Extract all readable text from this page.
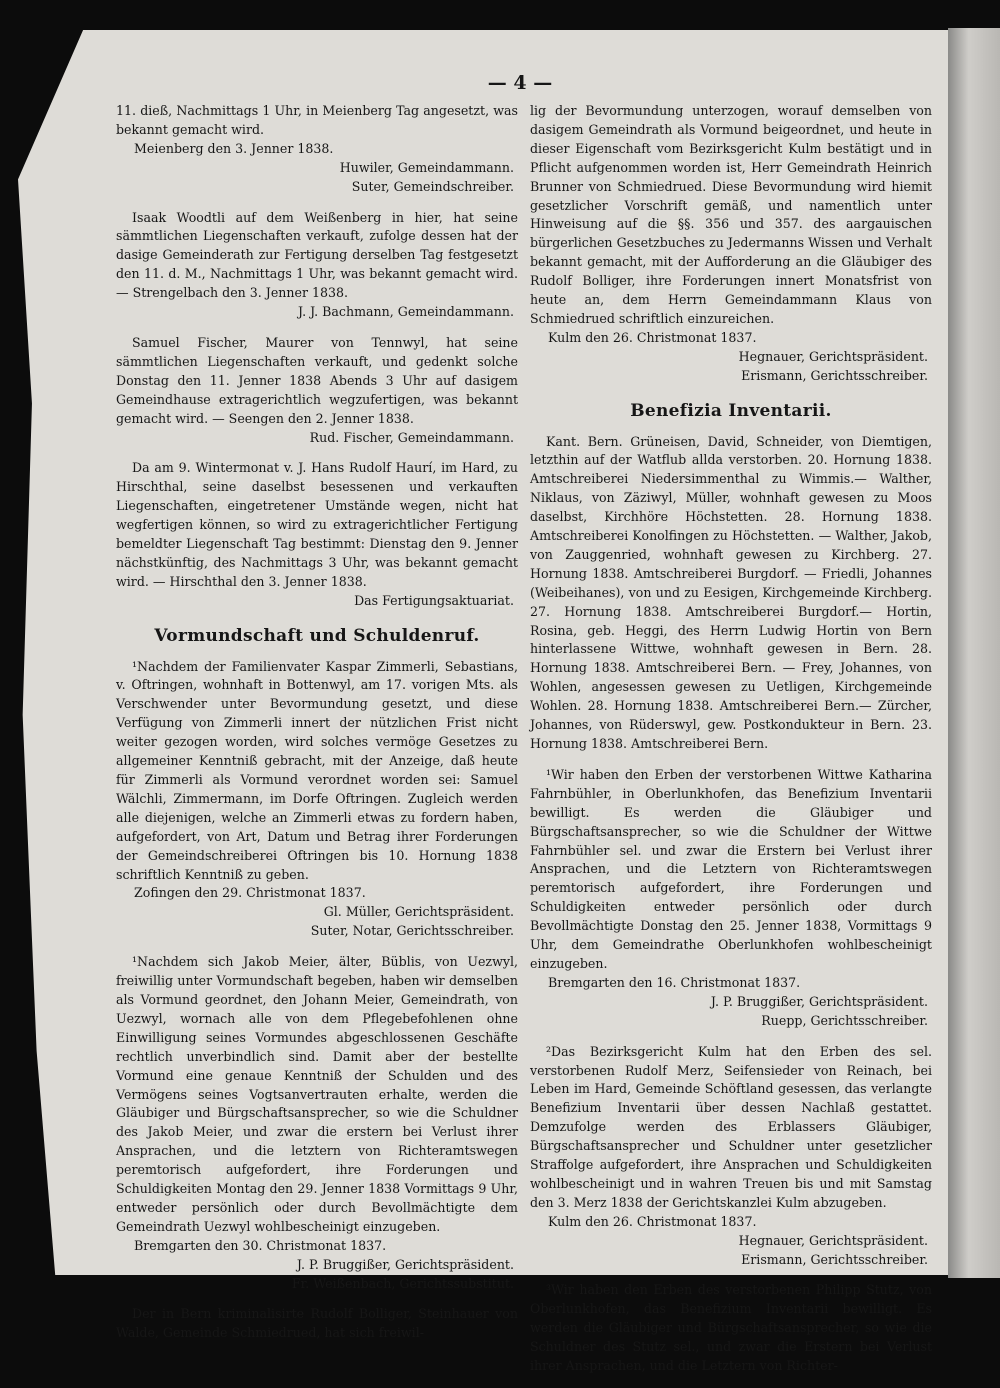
— 4 —
11. dieß, Nachmittags 1 Uhr, in Meienberg Tag angesetzt, was bekannt gemacht wird.
Meienberg den 3. Jenner 1838.
Huwiler, Gemeindammann.
Suter, Gemeindschreiber.
Isaak Woodtli auf dem Weißenberg in hier, hat seine sämmtlichen Liegenschaften verkauft, zufolge dessen hat der dasige Gemeinderath zur Fertigung derselben Tag festgesetzt den 11. d. M., Nachmittags 1 Uhr, was bekannt gemacht wird. — Strengelbach den 3. Jenner 1838.
J. J. Bachmann, Gemeindammann.
Samuel Fischer, Maurer von Tennwyl, hat seine sämmtlichen Liegenschaften verkauft, und gedenkt solche Donstag den 11. Jenner 1838 Abends 3 Uhr auf dasigem Gemeindhause extragerichtlich wegzufertigen, was bekannt gemacht wird. — Seengen den 2. Jenner 1838.
Rud. Fischer, Gemeindammann.
Da am 9. Wintermonat v. J. Hans Rudolf Haurí, im Hard, zu Hirschthal, seine daselbst besessenen und verkauften Liegenschaften, eingetretener Umstände wegen, nicht hat wegfertigen können, so wird zu extragerichtlicher Fertigung bemeldter Liegenschaft Tag bestimmt: Dienstag den 9. Jenner nächstkünftig, des Nachmittags 3 Uhr, was bekannt gemacht wird. — Hirschthal den 3. Jenner 1838.
Das Fertigungsaktuariat.
Vormundschaft und Schuldenruf.
¹Nachdem der Familienvater Kaspar Zimmerli, Sebastians, v. Oftringen, wohnhaft in Bottenwyl, am 17. vorigen Mts. als Verschwender unter Bevormundung gesetzt, und diese Verfügung von Zimmerli innert der nützlichen Frist nicht weiter gezogen worden, wird solches vermöge Gesetzes zu allgemeiner Kenntniß gebracht, mit der Anzeige, daß heute für Zimmerli als Vormund verordnet worden sei: Samuel Wälchli, Zimmermann, im Dorfe Oftringen. Zugleich werden alle diejenigen, welche an Zimmerli etwas zu fordern haben, aufgefordert, von Art, Datum und Betrag ihrer Forderungen der Gemeindschreiberei Oftringen bis 10. Hornung 1838 schriftlich Kenntniß zu geben.
Zofingen den 29. Christmonat 1837.
Gl. Müller, Gerichtspräsident.
Suter, Notar, Gerichtsschreiber.
¹Nachdem sich Jakob Meier, älter, Büblis, von Uezwyl, freiwillig unter Vormundschaft begeben, haben wir demselben als Vormund geordnet, den Johann Meier, Gemeindrath, von Uezwyl, wornach alle von dem Pflegebefohlenen ohne Einwilligung seines Vormundes abgeschlossenen Geschäfte rechtlich unverbindlich sind. Damit aber der bestellte Vormund eine genaue Kenntniß der Schulden und des Vermögens seines Vogtsanvertrauten erhalte, werden die Gläubiger und Bürgschaftsansprecher, so wie die Schuldner des Jakob Meier, und zwar die erstern bei Verlust ihrer Ansprachen, und die letztern von Richteramtswegen peremtorisch aufgefordert, ihre Forderungen und Schuldigkeiten Montag den 29. Jenner 1838 Vormittags 9 Uhr, entweder persönlich oder durch Bevollmächtigte dem Gemeindrath Uezwyl wohlbescheinigt einzugeben.
Bremgarten den 30. Christmonat 1837.
J. P. Bruggißer, Gerichtspräsident.
Fr. Weißenbach, Gerichtssubstitut.
Der in Bern kriminalisirte Rudolf Bolliger, Steinhauer von Walde, Gemeinde Schmiedrued, hat sich freiwil-
lig der Bevormundung unterzogen, worauf demselben von dasigem Gemeindrath als Vormund beigeordnet, und heute in dieser Eigenschaft vom Bezirksgericht Kulm bestätigt und in Pflicht aufgenommen worden ist, Herr Gemeindrath Heinrich Brunner von Schmiedrued. Diese Bevormundung wird hiemit gesetzlicher Vorschrift gemäß, und namentlich unter Hinweisung auf die §§. 356 und 357. des aargauischen bürgerlichen Gesetzbuches zu Jedermanns Wissen und Verhalt bekannt gemacht, mit der Aufforderung an die Gläubiger des Rudolf Bolliger, ihre Forderungen innert Monatsfrist von heute an, dem Herrn Gemeindammann Klaus von Schmiedrued schriftlich einzureichen.
Kulm den 26. Christmonat 1837.
Hegnauer, Gerichtspräsident.
Erismann, Gerichtsschreiber.
Benefizia Inventarii.
Kant. Bern. Grüneisen, David, Schneider, von Diemtigen, letzthin auf der Watflub allda verstorben. 20. Hornung 1838. Amtschreiberei Niedersimmenthal zu Wimmis.— Walther, Niklaus, von Zäziwyl, Müller, wohnhaft gewesen zu Moos daselbst, Kirchhöre Höchstetten. 28. Hornung 1838. Amtschreiberei Konolfingen zu Höchstetten. — Walther, Jakob, von Zauggenried, wohnhaft gewesen zu Kirchberg. 27. Hornung 1838. Amtschreiberei Burgdorf. — Friedli, Johannes (Weibeihanes), von und zu Eesigen, Kirchgemeinde Kirchberg. 27. Hornung 1838. Amtschreiberei Burgdorf.— Hortin, Rosina, geb. Heggi, des Herrn Ludwig Hortin von Bern hinterlassene Wittwe, wohnhaft gewesen in Bern. 28. Hornung 1838. Amtschreiberei Bern. — Frey, Johannes, von Wohlen, angesessen gewesen zu Uetligen, Kirchgemeinde Wohlen. 28. Hornung 1838. Amtschreiberei Bern.— Zürcher, Johannes, von Rüderswyl, gew. Postkondukteur in Bern. 23. Hornung 1838. Amtschreiberei Bern.
¹Wir haben den Erben der verstorbenen Wittwe Katharina Fahrnbühler, in Oberlunkhofen, das Benefizium Inventarii bewilligt. Es werden die Gläubiger und Bürgschaftsansprecher, so wie die Schuldner der Wittwe Fahrnbühler sel. und zwar die Erstern bei Verlust ihrer Ansprachen, und die Letztern von Richteramtswegen peremtorisch aufgefordert, ihre Forderungen und Schuldigkeiten entweder persönlich oder durch Bevollmächtigte Donstag den 25. Jenner 1838, Vormittags 9 Uhr, dem Gemeindrathe Oberlunkhofen wohlbescheinigt einzugeben.
Bremgarten den 16. Christmonat 1837.
J. P. Bruggißer, Gerichtspräsident.
Ruepp, Gerichtsschreiber.
²Das Bezirksgericht Kulm hat den Erben des sel. verstorbenen Rudolf Merz, Seifensieder von Reinach, bei Leben im Hard, Gemeinde Schöftland gesessen, das verlangte Benefizium Inventarii über dessen Nachlaß gestattet. Demzufolge werden des Erblassers Gläubiger, Bürgschaftsansprecher und Schuldner unter gesetzlicher Straffolge aufgefordert, ihre Ansprachen und Schuldigkeiten wohlbescheinigt und in wahren Treuen bis und mit Samstag den 3. Merz 1838 der Gerichtskanzlei Kulm abzugeben.
Kulm den 26. Christmonat 1837.
Hegnauer, Gerichtspräsident.
Erismann, Gerichtsschreiber.
³Wir haben den Erben des verstorbenen Philipp Stutz, von Oberlunkhofen, das Benefizium Inventarii bewilligt. Es werden die Gläubiger und Bürgschaftsansprecher, so wie die Schuldner des Stutz sel., und zwar die Erstern bei Verlust ihrer Ansprachen, und die Letztern von Richter-
